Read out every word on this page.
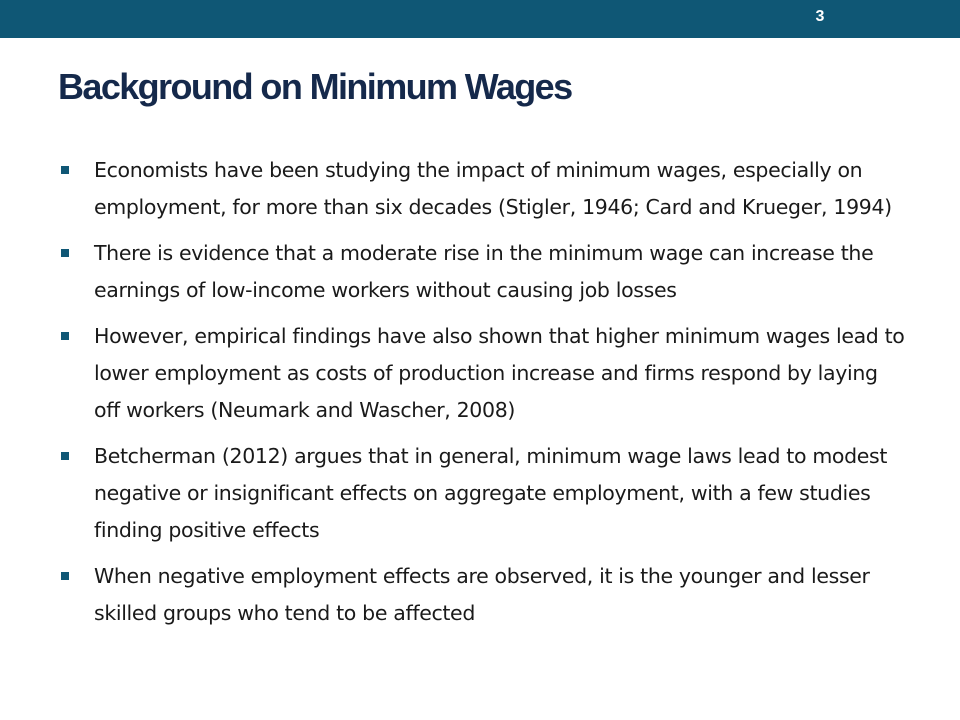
3
Background on Minimum Wages
Economists have been studying the impact of minimum wages, especially on employment, for more than six decades (Stigler, 1946; Card and Krueger, 1994)
There is evidence that a moderate rise in the minimum wage can increase the earnings of low-income workers without causing job losses
However, empirical findings have also shown that higher minimum wages lead to lower employment as costs of production increase and firms respond by laying off workers (Neumark and Wascher, 2008)
Betcherman (2012) argues that in general, minimum wage laws lead to modest negative or insignificant effects on aggregate employment, with a few studies finding positive effects
When negative employment effects are observed, it is the younger and lesser skilled groups who tend to be affected
